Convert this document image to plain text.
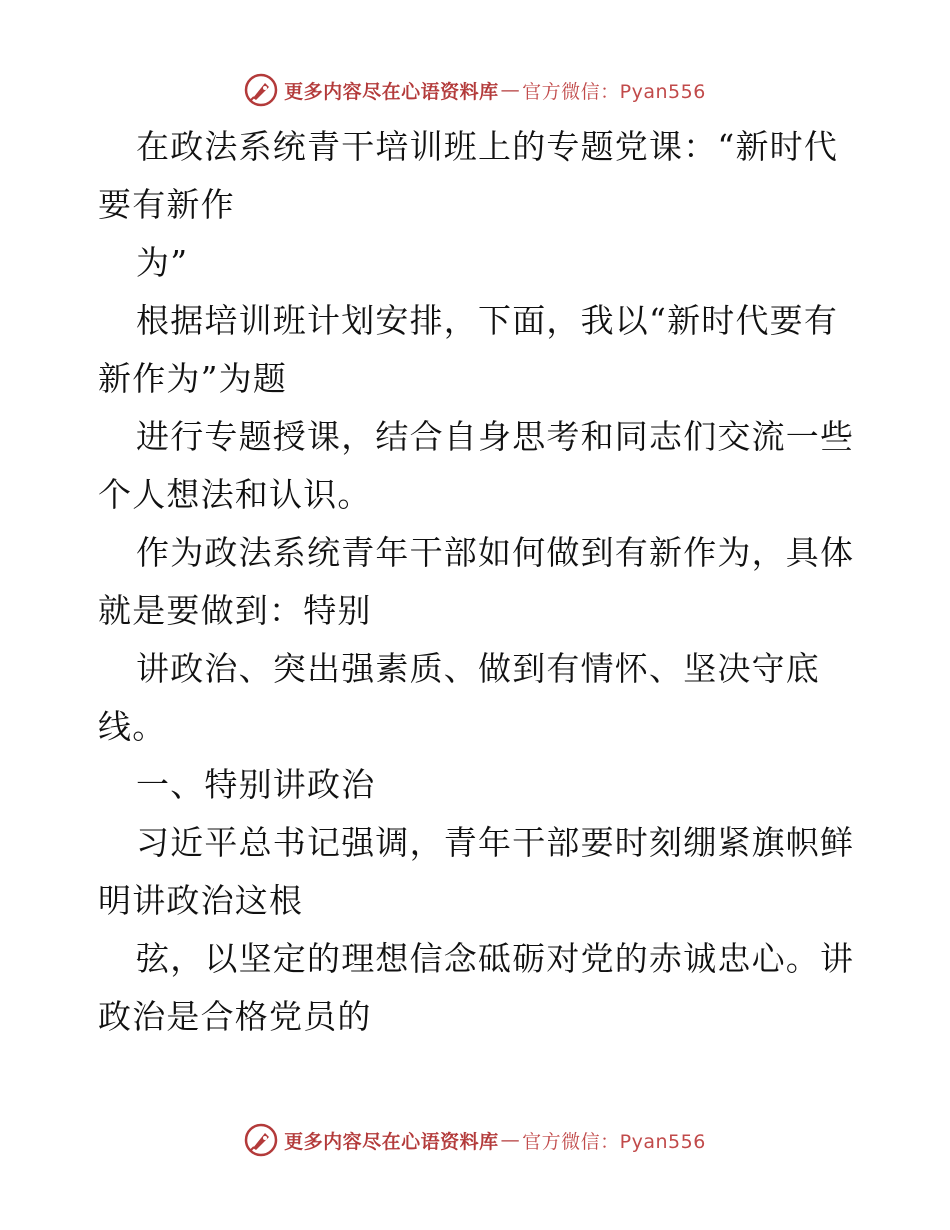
更多内容尽在心语资料库 — 官方微信：Pyan556
在政法系统青干培训班上的专题党课：“新时代
要有新作
为”
根据培训班计划安排，下面，我以“新时代要有
新作为”为题
进行专题授课，结合自身思考和同志们交流一些
个人想法和认识。
作为政法系统青年干部如何做到有新作为，具体
就是要做到：特别
讲政治、突出强素质、做到有情怀、坚决守底
线。
一、特别讲政治
习近平总书记强调，青年干部要时刻绷紧旗帜鲜
明讲政治这根
弦，以坚定的理想信念砥砺对党的赤诚忠心。讲
政治是合格党员的
更多内容尽在心语资料库 — 官方微信：Pyan556
